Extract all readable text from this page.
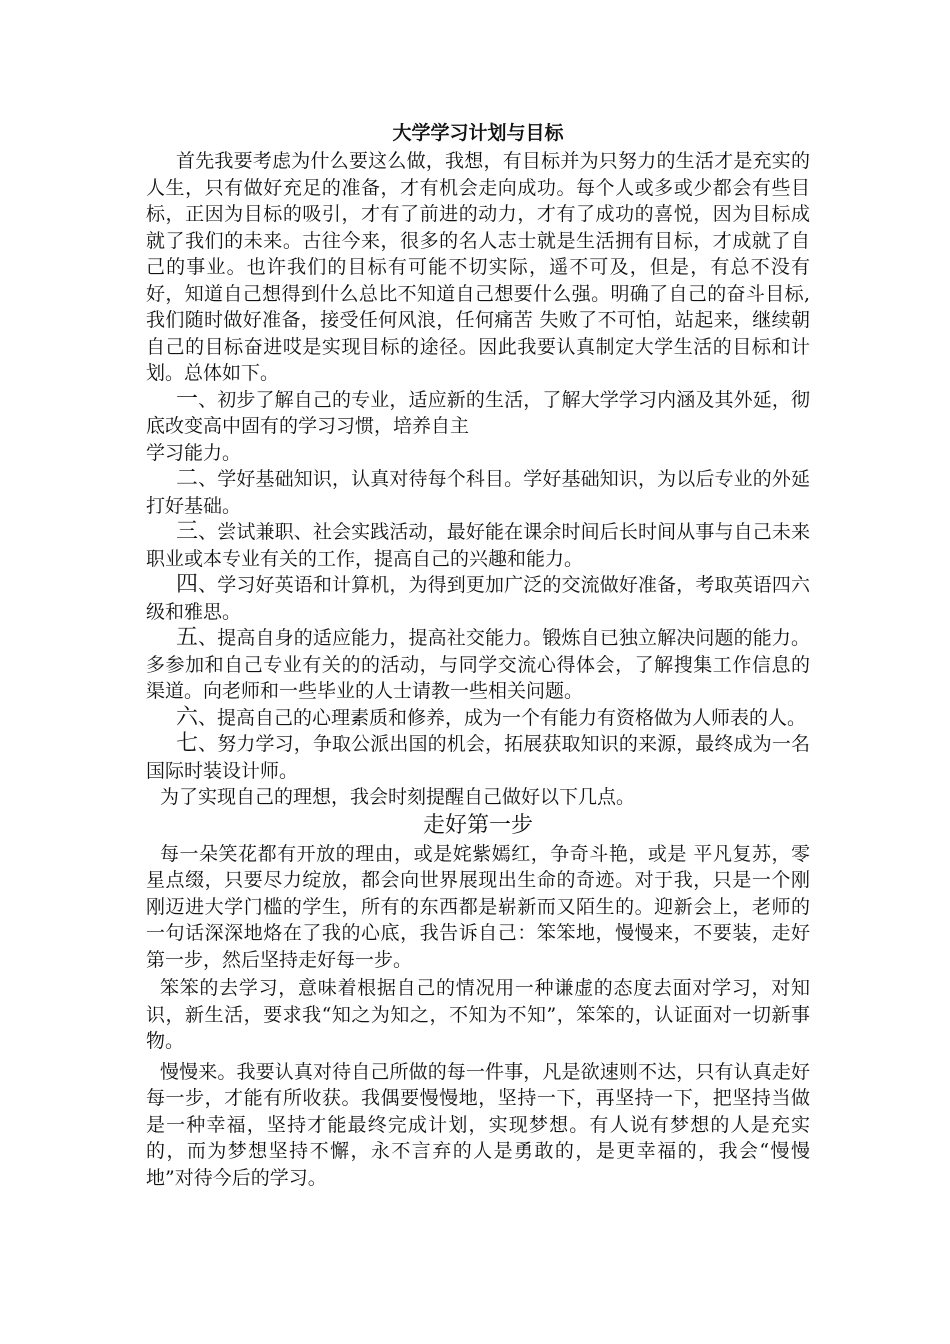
大学学习计划与目标

首先我要考虑为什么要这么做，我想，有目标并为只努力的生活才是充实的人生，只有做好充足的准备，才有机会走向成功。每个人或多或少都会有些目标，正因为目标的吸引，才有了前进的动力，才有了成功的喜悦，因为目标成就了我们的未来。古往今来，很多的名人志士就是生活拥有目标，才成就了自己的事业。也许我们的目标有可能不切实际，遥不可及，但是，有总不没有好，知道自己想得到什么总比不知道自己想要什么强。明确了自己的奋斗目标,我们随时做好准备，接受任何风浪，任何痛苦 失败了不可怕，站起来，继续朝自己的目标奋进哎是实现目标的途径。因此我要认真制定大学生活的目标和计划。总体如下。

一、初步了解自己的专业，适应新的生活，了解大学学习内涵及其外延，彻底改变高中固有的学习习惯，培养自主

学习能力。

二、学好基础知识，认真对待每个科目。学好基础知识，为以后专业的外延打好基础。

三、尝试兼职、社会实践活动，最好能在课余时间后长时间从事与自己未来职业或本专业有关的工作，提高自己的兴趣和能力。

四、学习好英语和计算机，为得到更加广泛的交流做好准备，考取英语四六级和雅思。

五、提高自身的适应能力，提高社交能力。锻炼自已独立解决问题的能力。多参加和自己专业有关的的活动，与同学交流心得体会，了解搜集工作信息的渠道。向老师和一些毕业的人士请教一些相关问题。

六、提高自己的心理素质和修养，成为一个有能力有资格做为人师表的人。

七、努力学习，争取公派出国的机会，拓展获取知识的来源，最终成为一名国际时装设计师。

为了实现自己的理想，我会时刻提醒自己做好以下几点。

走好第一步

每一朵笑花都有开放的理由，或是姹紫嫣红，争奇斗艳，或是 平凡复苏，零星点缀，只要尽力绽放，都会向世界展现出生命的奇迹。对于我，只是一个刚刚迈进大学门槛的学生，所有的东西都是崭新而又陌生的。迎新会上，老师的一句话深深地烙在了我的心底，我告诉自己：笨笨地，慢慢来，不要装，走好第一步，然后坚持走好每一步。

笨笨的去学习，意味着根据自己的情况用一种谦虚的态度去面对学习，对知识，新生活，要求我“知之为知之，不知为不知”，笨笨的，认证面对一切新事物。

慢慢来。我要认真对待自己所做的每一件事，凡是欲速则不达，只有认真走好每一步，才能有所收获。我偶要慢慢地，坚持一下，再坚持一下，把坚持当做是一种幸福，坚持才能最终完成计划，实现梦想。有人说有梦想的人是充实的，而为梦想坚持不懈，永不言弃的人是勇敢的，是更幸福的，我会“慢慢地”对待今后的学习。
